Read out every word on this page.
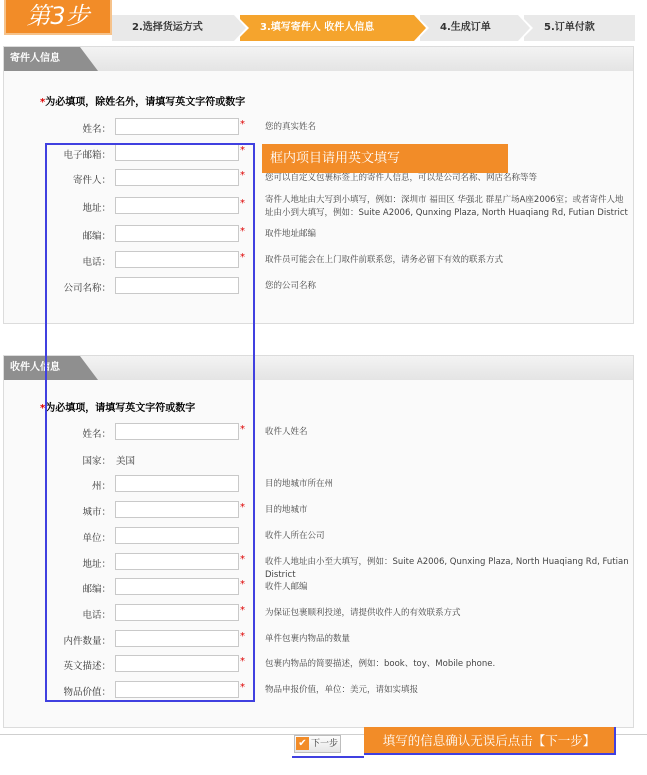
2.选择货运方式	3.填写寄件人 收件人信息	4.生成订单	5.订单付款
第3步
寄件人信息
*为必填项，除姓名外，请填写英文字符或数字
姓名：	* 您的真实姓名
电子邮箱：	*
寄件人：	* 您可以自定义包裹标签上的寄件人信息，可以是公司名称、网店名称等等
地址：	* 寄件人地址由大写到小填写，例如：深圳市 福田区 华强北 群星广场A座2006室；或者寄件人地址由小到大填写，例如：Suite A2006, Qunxing Plaza, North Huaqiang Rd, Futian District
邮编：	* 取件地址邮编
电话：	* 取件员可能会在上门取件前联系您，请务必留下有效的联系方式
公司名称：	您的公司名称
收件人信息
*为必填项，请填写英文字符或数字
姓名：	* 收件人姓名
国家： 美国
州：	目的地城市所在州
城市：	* 目的地城市
单位：	收件人所在公司
地址：	* 收件人地址由小至大填写，例如：Suite A2006, Qunxing Plaza, North Huaqiang Rd, Futian District
邮编：	* 收件人邮编
电话：	* 为保证包裹顺利投递，请提供收件人的有效联系方式
内件数量：	* 单件包裹内物品的数量
英文描述：	* 包裹内物品的简要描述，例如：book、toy、Mobile phone.
物品价值：	* 物品申报价值，单位：美元，请如实填报
框内项目请用英文填写
✔ 下一步	填写的信息确认无误后点击【下一步】
